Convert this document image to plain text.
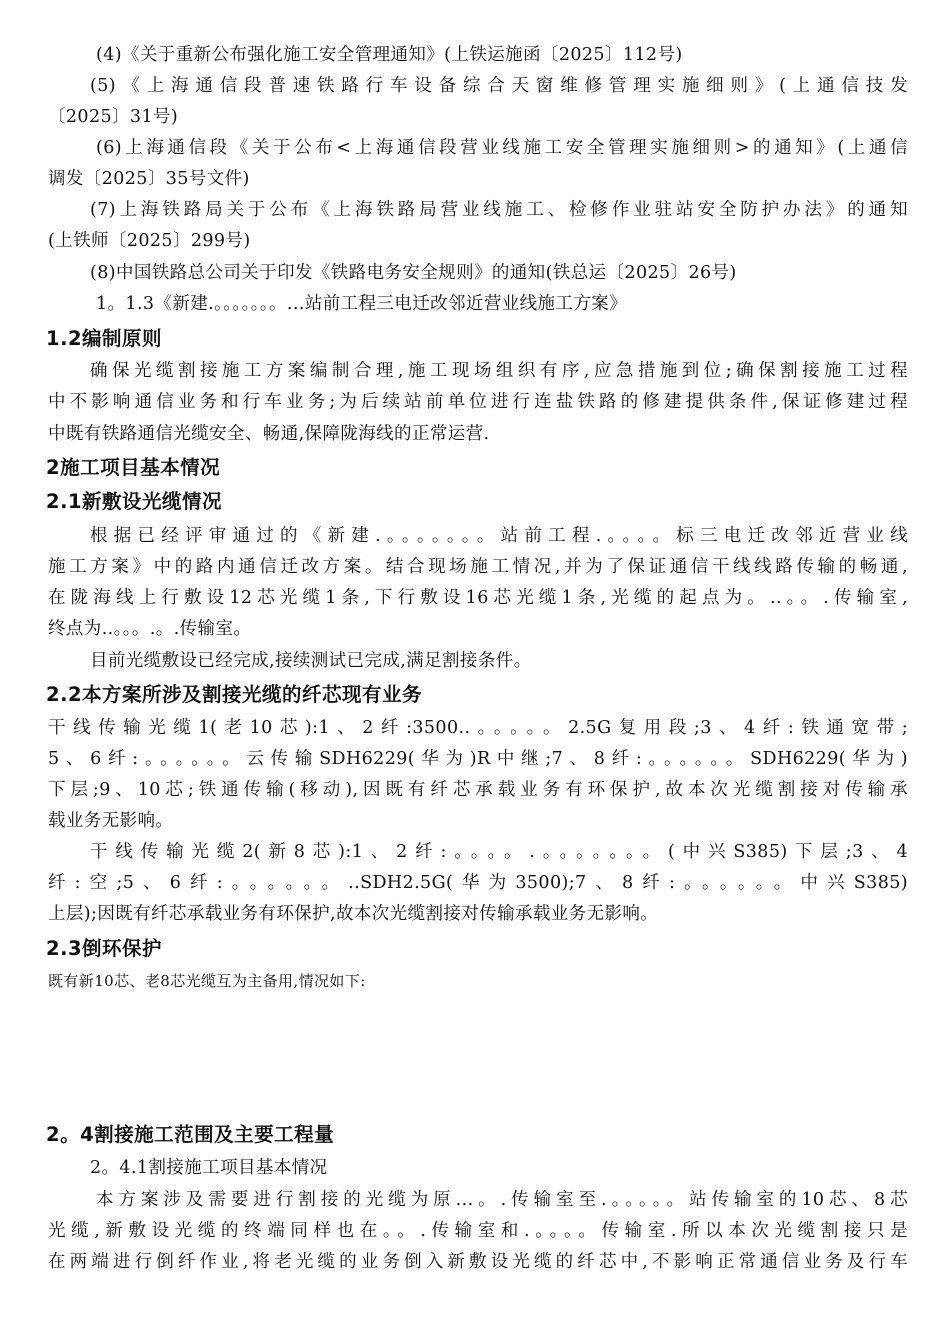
(4)《关于重新公布强化施工安全管理通知》(上铁运施函〔2025〕112号)
(5)《上海通信段普速铁路行车设备综合天窗维修管理实施细则》(上通信技发
〔2025〕31号)
(6)上海通信段《关于公布<上海通信段营业线施工安全管理实施细则>的通知》(上通信
调发〔2025〕35号文件)
(7)上海铁路局关于公布《上海铁路局营业线施工、检修作业驻站安全防护办法》的通知
(上铁师〔2025〕299号)
(8)中国铁路总公司关于印发《铁路电务安全规则》的通知(铁总运〔2025〕26号)
1。1.3《新建.。。。。。。。...站前工程三电迁改邻近营业线施工方案》
1.2编制原则
确保光缆割接施工方案编制合理,施工现场组织有序,应急措施到位;确保割接施工过程
中不影响通信业务和行车业务;为后续站前单位进行连盐铁路的修建提供条件,保证修建过程
中既有铁路通信光缆安全、畅通,保障陇海线的正常运营.
2施工项目基本情况
2.1新敷设光缆情况
根据已经评审通过的《新建.。。。。。。。站前工程.。。。。标三电迁改邻近营业线
施工方案》中的路内通信迁改方案。结合现场施工情况,并为了保证通信干线线路传输的畅通,
在陇海线上行敷设12芯光缆1条,下行敷设16芯光缆1条,光缆的起点为。..。。.传输室,
终点为..。。。.。.传输室。
目前光缆敷设已经完成,接续测试已完成,满足割接条件。
2.2本方案所涉及割接光缆的纤芯现有业务
干线传输光缆1(老10芯):1、2纤:3500..。。。。。2.5G复用段;3、4纤:铁通宽带;
5、6纤:。。。。。。云传输SDH6229(华为)R中继;7、8纤:。。。。。。SDH6229(华为)
下层;9、10芯;铁通传输(移动),因既有纤芯承载业务有环保护,故本次光缆割接对传输承
载业务无影响。
干线传输光缆2(新8芯):1、2纤:。。。。.。。。。。。。(中兴S385)下层;3、4
纤:空;5、6纤:。。。。。。..SDH2.5G(华为3500);7、8纤:。。。。。。中兴S385)
上层);因既有纤芯承载业务有环保护,故本次光缆割接对传输承载业务无影响。
2.3倒环保护
既有新10芯、老8芯光缆互为主备用,情况如下:
2。4割接施工范围及主要工程量
2。4.1割接施工项目基本情况
本方案涉及需要进行割接的光缆为原...。.传输室至.。。。。。站传输室的10芯、8芯
光缆,新敷设光缆的终端同样也在。。.传输室和.。。。。传输室.所以本次光缆割接只是
在两端进行倒纤作业,将老光缆的业务倒入新敷设光缆的纤芯中,不影响正常通信业务及行车
